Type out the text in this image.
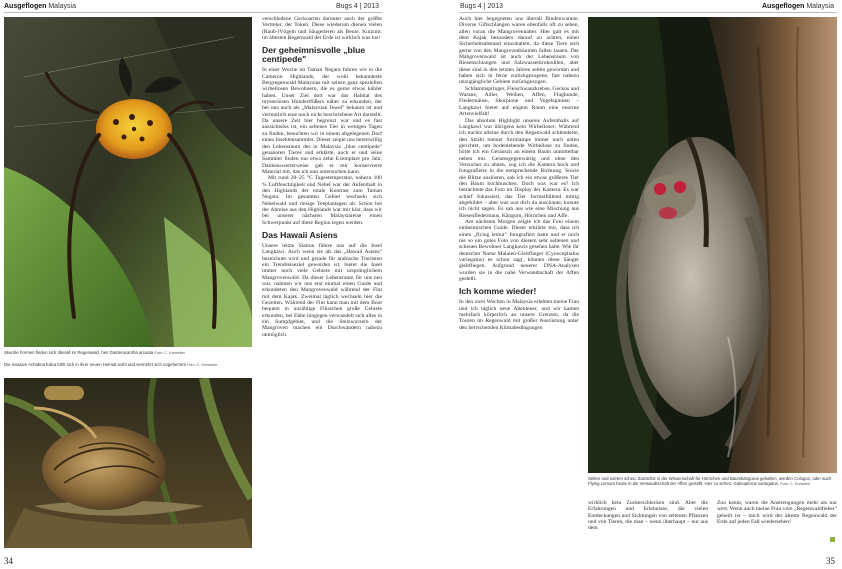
Ausgeflogen Malaysia	Bugs 4 | 2013
Skurrile Formen finden sich überall im Regenwald, hier Gasteracantha arcuata Foto: C. Kreweller
Die invasive Achatina fulica fühlt sich in ihrer neuen Heimat wohl und vermehrt sich ungehemmt Foto: C. Kreweller

verschiedene Geckoarten darunter auch der größte Vertreter, der Tokeh. Diese wiederum dienen vielen (Raub-)Vögeln und Säugetieren als Beute. Kurzum: im ältesten Regenwald der Erde ist wirklich was los!

Der geheimnisvolle „blue centipede"

In einer Woche im Taman Negara fuhren wir in die Cameron Highlands, der wohl bekannteste Bergregenwald Malaysias mit seinen ganz speziellen wirbellosen Bewohnern, die es gerne etwas kühler haben. Unser Ziel dort war das Habitat des mysteriösen Hundertfüßers näher zu erkunden, der bei uns auch als „Malaysian Jewel" bekannt ist und vermutlich eine noch nicht beschriebene Art darstellt. Da unsere Zeit hier begrenzt war und es fast aussichtslos ist, ein seltenes Tier in wenigen Tagen zu finden, besuchten wir in einem abgelegenen Dorf einen Insektensammler. Dieser zeigte uns bereitwillig den Lebensraum des in Malaysia „blue centipede" genannten Tieres und erklärte, auch er und seine Sammler finden nur etwa zehn Exemplare pro Jahr. Dankenswerterweise gab er mir konservierte Material mit, das ich nun untersuchen kann.

Mit rund 20–25 °C Tagestemperatur, nahezu 100 % Luftfeuchtigkeit und Nebel war der Aufenthalt in den Highlands der totale Kontrast zum Taman Negara. Im gesamten Gebiet wechseln sich Nebelwald und riesige Teeplantagen ab. Schon bei der Abreise aus den Highlands war mir klar, dass wir bei unserer nächsten Malaysiareise einen Schwerpunkt auf diese Region legen werden.

Das Hawaii Asiens

Unsere letzte Station führte uns auf die Insel Langkawi. Auch wenn sie als das „Hawaii Asiens" bezeichnet wird und gerade für arabische Touristen ein Trendreiseziel geworden ist, bietet die Insel immer noch viele Gebiete mit ursprünglichem Mangrovenwald. Da dieser Lebensraum für uns neu war, nahmen wir uns erst einmal einen Guide und erkundeten den Mangrovenwald während der Flut mit dem Kajak. Zweimal täglich wechseln hier die Gezeiten. Während der Flut kann man mit dem Boot bequem in unzählige Flüsschen große Gebiete erkunden, bei Ebbe hingegen verwandelt sich alles in ein Sumpfgebiet, und die Stelzwurzeln der Mangroven machen ein Durchwandern nahezu unmöglich.

34
Bugs 4 | 2013	Ausgeflogen Malaysia

Auch hier begegneten uns überall Bindenwarane. Diverse Giftschlangen waren ebenfalls oft zu sehen, allen voran die Mangrovennatter. Hier galt es mit dem Kajak besonders darauf zu achten, einen Sicherheitsabstand einzuhalten, da diese Tiere sich gerne von den Mangrovenbäumen fallen lassen. Der Mangrovenwald ist auch der Lebensraum von Riesenschlangen und Salzwasserkrokodilen, aber diese sind in den letzten Jahren selten geworden und haben sich in ferne zurückgezogene, fast nahezu unzugängliche Gebiete zurückgezogen.

Schlammspringer, Fleischwanzkrebse, Geckos und Warane, Adler, Weihen, Affen, Flughunde, Fledermäuse, Skorpione und Vogelspinnen – Langkawi bietet auf engem Raum eine enorme Artenvielfalt!

Das absolute Highlight unseres Aufenthalts auf Langkawi war übrigens kein Wirbelloser: Während ich nachts alleine durch den Regenwald schlenderte, den Strahl meiner Stirnlampe immer nach unten gerichtet, um bodenlebende Wirbellose zu finden, hörte ich ein Geräusch an einem Baum unmittelbar neben mir. Geistesgegenwärtig und ohne den Versucher zu ahnen, zog ich die Kamera hoch und fotografierte in die entsprechende Richtung. Sowie die Blitze auslösten, sah ich ein etwas größeres Tier den Baum hochhuschen. Doch was war es? Ich betrachtete das Foto im Display der Kamera. Es war scharf fokussiert, das Tier formatfüllend mittig abgebildet – aber was war dich da anschaute, konnte ich nicht sagen. Es sah aus wie eine Mischung aus Riesenfledermaus, Känguru, Hörnchen und Affe.

Am nächsten Morgen zeigte ich das Foto einem einheimischen Guide. Dieser erklärte mir, dass ich einen „flying lemur" fotografiert hatte und er noch nie so ein gutes Foto von diesem sehr seltenen und scheuen Bewohner Langkawis gesehen habe. Wie ihr deutscher Name Malaien-Gleitflieger (Cynocephalus variegatus) es schon sagt, können diese Säuger gleitfliegen. Aufgrund neuerer DNA-Analysen wurden sie in die nahe Verwandtschaft der Affen gestellt.

Ich komme wieder!

In den zwei Wochen in Malaysia erlebten meine Frau und ich täglich neue Abenteuer, und wir kamen mehrfach körperlich an unsere Grenzen, da die Touren im Regenwald mit großer Ausrüstung unter den herrschenden Klimabedingungen

Selten und extrem scheu: Zunächst in der Wissenschaft für Hörnchen und Baumkängurus gehalten, werden Colugos, oder auch Flying Lemurs heute in die Verwandtschaft der Affen gestellt. Hier zu sehen: Galeopterus variegatus. Foto: C. Kreweller

wirklich kein Zuckerschlecken sind. Aber die Erfahrungen und Erlebnisse, die vielen Entdeckungen und Sichtungen von seltenen Pflanzen und von Tieren, die man – wenn überhaupt – nur aus dem

Zoo kennt, waren die Anstrengungen mehr als nur wert. Wenn auch meine Frau vom „Regenwaldfieber" geheilt ist – mich wird der älteste Regenwald der Erde auf jeden Fall wiedersehen!

35
